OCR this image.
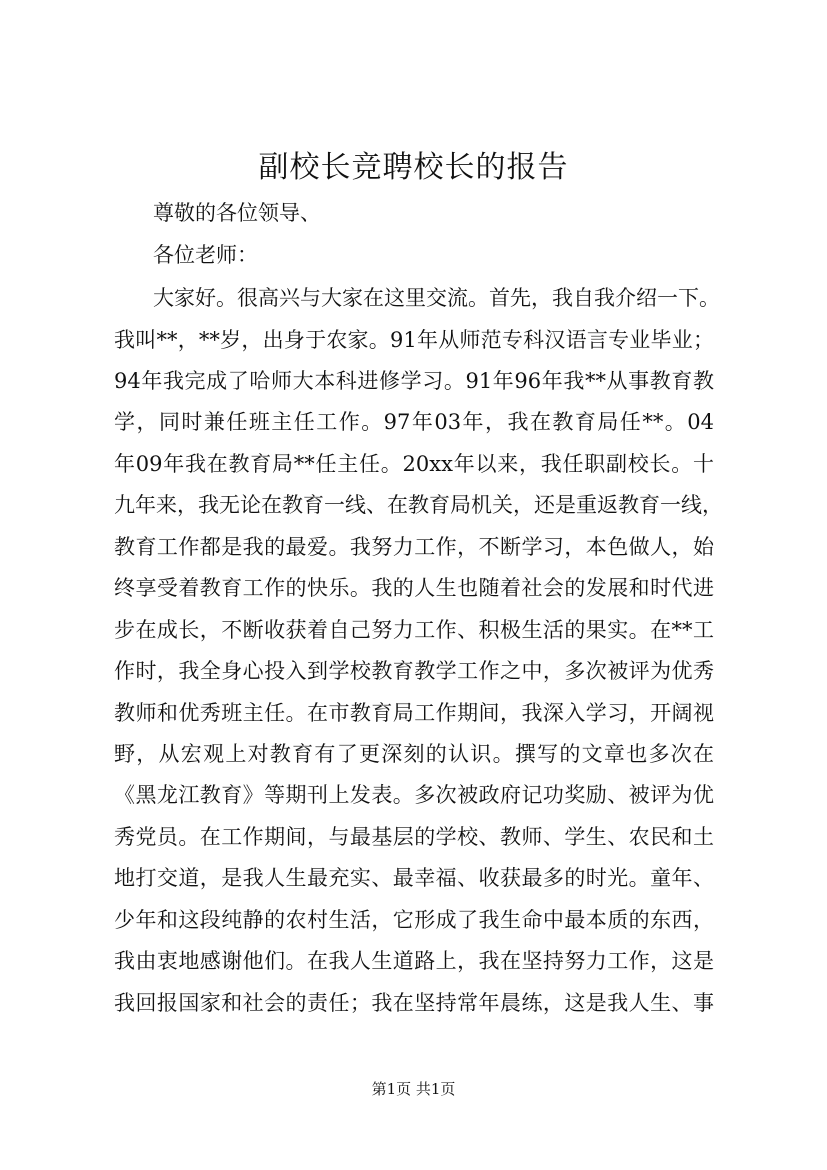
副校长竞聘校长的报告
尊敬的各位领导、
各位老师：
大家好。很高兴与大家在这里交流。首先，我自我介绍一下。
我叫**，**岁，出身于农家。91年从师范专科汉语言专业毕业；
94年我完成了哈师大本科进修学习。91年96年我**从事教育教
学，同时兼任班主任工作。97年03年，我在教育局任**。04
年09年我在教育局**任主任。20xx年以来，我任职副校长。十
九年来，我无论在教育一线、在教育局机关，还是重返教育一线，
教育工作都是我的最爱。我努力工作，不断学习，本色做人，始
终享受着教育工作的快乐。我的人生也随着社会的发展和时代进
步在成长，不断收获着自己努力工作、积极生活的果实。在**工
作时，我全身心投入到学校教育教学工作之中，多次被评为优秀
教师和优秀班主任。在市教育局工作期间，我深入学习，开阔视
野，从宏观上对教育有了更深刻的认识。撰写的文章也多次在
《黑龙江教育》等期刊上发表。多次被政府记功奖励、被评为优
秀党员。在工作期间，与最基层的学校、教师、学生、农民和土
地打交道，是我人生最充实、最幸福、收获最多的时光。童年、
少年和这段纯静的农村生活，它形成了我生命中最本质的东西，
我由衷地感谢他们。在我人生道路上，我在坚持努力工作，这是
我回报国家和社会的责任；我在坚持常年晨练，这是我人生、事
第1页 共1页
